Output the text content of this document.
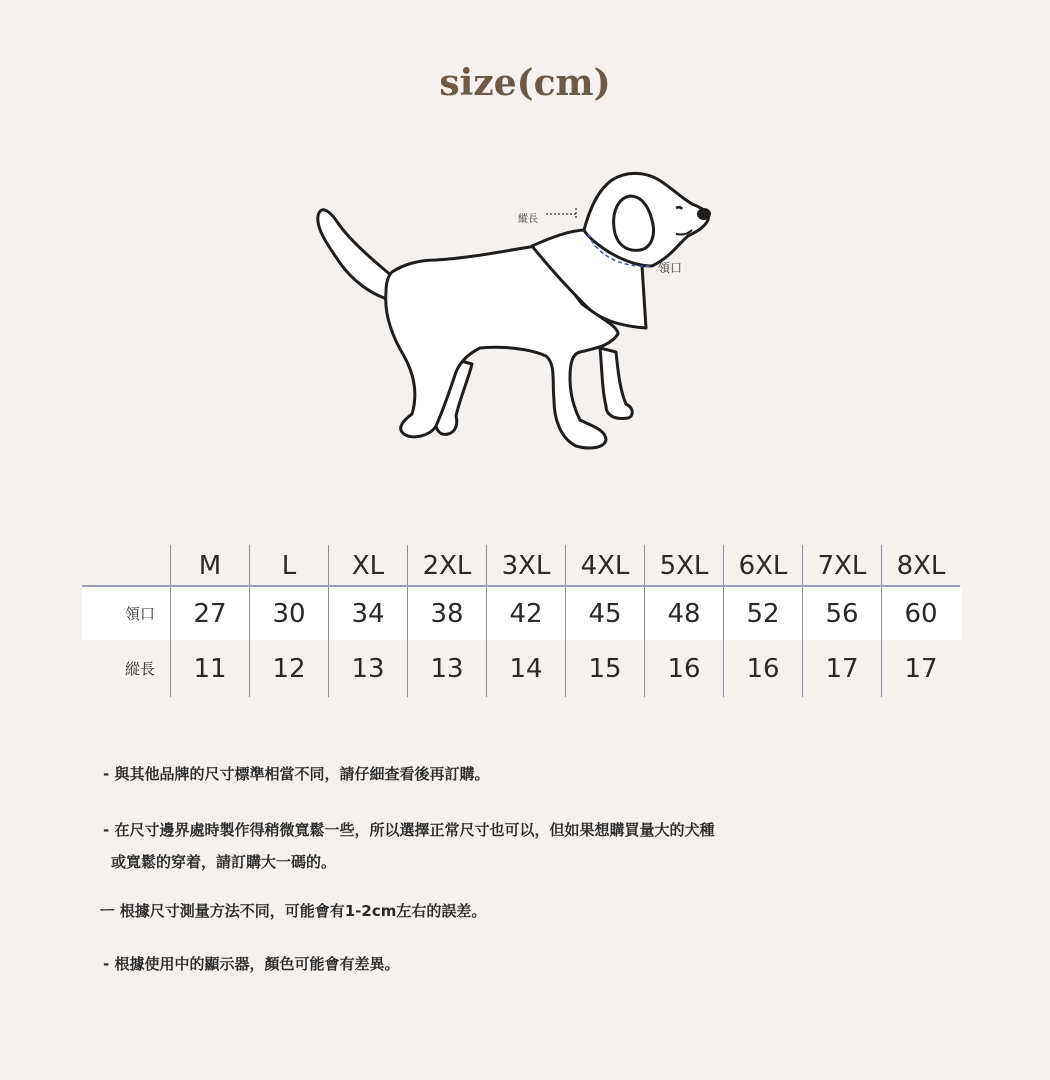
size(cm)
縱長
領口
M	L	XL	2XL	3XL	4XL	5XL	6XL	7XL	8XL
領口	27	30	34	38	42	45	48	52	56	60
縱長	11	12	13	13	14	15	16	16	17	17
- 與其他品牌的尺寸標準相當不同，請仔細查看後再訂購。
- 在尺寸邊界處時製作得稍微寬鬆一些，所以選擇正常尺寸也可以，但如果想購買量大的犬種
或寬鬆的穿着，請訂購大一碼的。
ㅡ 根據尺寸測量方法不同，可能會有1-2cm左右的誤差。
- 根據使用中的顯示器，顏色可能會有差異。
